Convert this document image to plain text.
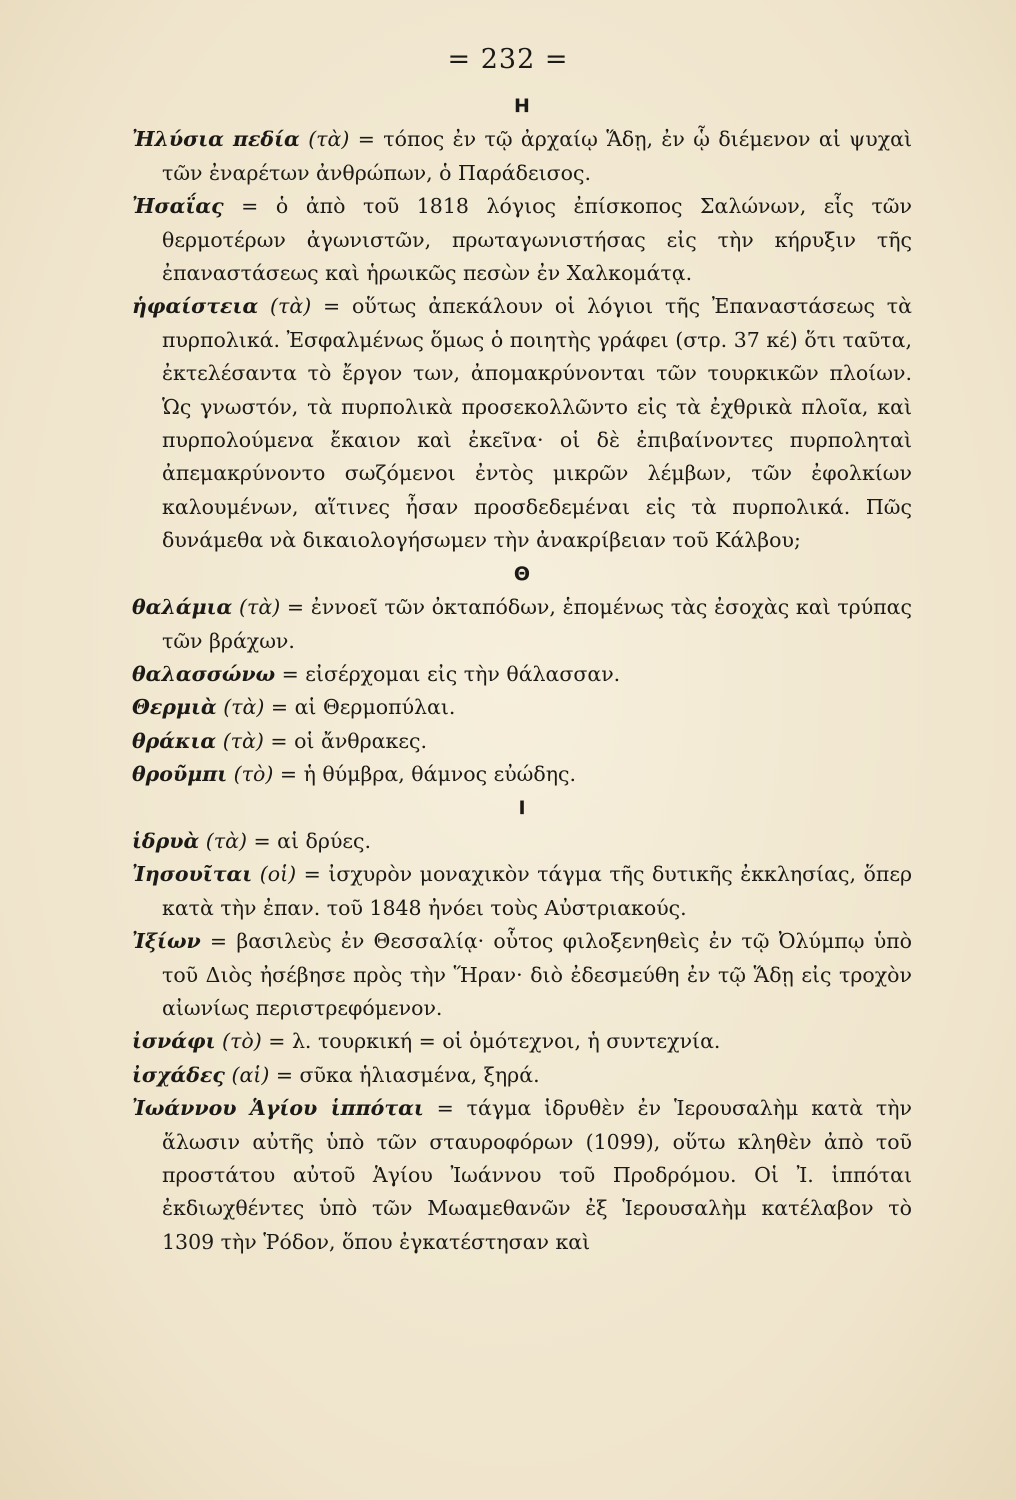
= 232 =
Η

Ἠλύσια πεδία (τὰ) = τόπος ἐν τῷ ἀρχαίῳ Ἅδῃ, ἐν ᾧ διέμενον αἱ ψυχαὶ τῶν ἐναρέτων ἀνθρώπων, ὁ Παράδεισος.

Ἠσαΐας = ὁ ἀπὸ τοῦ 1818 λόγιος ἐπίσκοπος Σαλώνων, εἷς τῶν θερμοτέρων ἀγωνιστῶν, πρωταγωνιστήσας εἰς τὴν κήρυξιν τῆς ἐπαναστάσεως καὶ ἡρωικῶς πεσὼν ἐν Χαλκομάτᾳ.

ἡφαίστεια (τὰ) = οὕτως ἀπεκάλουν οἱ λόγιοι τῆς Ἐπαναστάσεως τὰ πυρπολικά. Ἐσφαλμένως ὅμως ὁ ποιητὴς γράφει (στρ. 37 κέ) ὅτι ταῦτα, ἐκτελέσαντα τὸ ἔργον των, ἀπομακρύνονται τῶν τουρκικῶν πλοίων. Ὡς γνωστόν, τὰ πυρπολικὰ προσεκολλῶντο εἰς τὰ ἐχθρικὰ πλοῖα, καὶ πυρπολούμενα ἔκαιον καὶ ἐκεῖνα· οἱ δὲ ἐπιβαίνοντες πυρποληταὶ ἀπεμακρύνοντο σωζόμενοι ἐντὸς μικρῶν λέμβων, τῶν ἐφολκίων καλουμένων, αἵτινες ἦσαν προσδεδεμέναι εἰς τὰ πυρπολικά. Πῶς δυνάμεθα νὰ δικαιολογήσωμεν τὴν ἀνακρίβειαν τοῦ Κάλβου;

Θ

θαλάμια (τὰ) = ἐννοεῖ τῶν ὀκταπόδων, ἑπομένως τὰς ἐσοχὰς καὶ τρύπας τῶν βράχων.

θαλασσώνω = εἰσέρχομαι εἰς τὴν θάλασσαν.

Θερμιὰ (τὰ) = αἱ Θερμοπύλαι.

θράκια (τὰ) = οἱ ἄνθρακες.

θροῦμπι (τὸ) = ἡ θύμβρα, θάμνος εὐώδης.

Ι

ἱδρυὰ (τὰ) = αἱ δρύες.

Ἰησουῖται (οἱ) = ἰσχυρὸν μοναχικὸν τάγμα τῆς δυτικῆς ἐκκλησίας, ὅπερ κατὰ τὴν ἐπαν. τοῦ 1848 ἠνόει τοὺς Αὐστριακούς.

Ἰξίων = βασιλεὺς ἐν Θεσσαλίᾳ· οὗτος φιλοξενηθεὶς ἐν τῷ Ὀλύμπῳ ὑπὸ τοῦ Διὸς ἠσέβησε πρὸς τὴν Ἥραν· διὸ ἐδεσμεύθη ἐν τῷ Ἅδῃ εἰς τροχὸν αἰωνίως περιστρεφόμενον.

ἰσνάφι (τὸ) = λ. τουρκική = οἱ ὁμότεχνοι, ἡ συντεχνία.

ἰσχάδες (αἱ) = σῦκα ἡλιασμένα, ξηρά.

Ἰωάννου Ἁγίου ἱππόται = τάγμα ἱδρυθὲν ἐν Ἱερουσαλὴμ κατὰ τὴν ἅλωσιν αὐτῆς ὑπὸ τῶν σταυροφόρων (1099), οὕτω κληθὲν ἀπὸ τοῦ προστάτου αὐτοῦ Ἁγίου Ἰωάννου τοῦ Προδρόμου. Οἱ Ἰ. ἱππόται ἐκδιωχθέντες ὑπὸ τῶν Μωαμεθανῶν ἐξ Ἱερουσαλὴμ κατέλαβον τὸ 1309 τὴν Ῥόδον, ὅπου ἐγκατέστησαν καὶ
